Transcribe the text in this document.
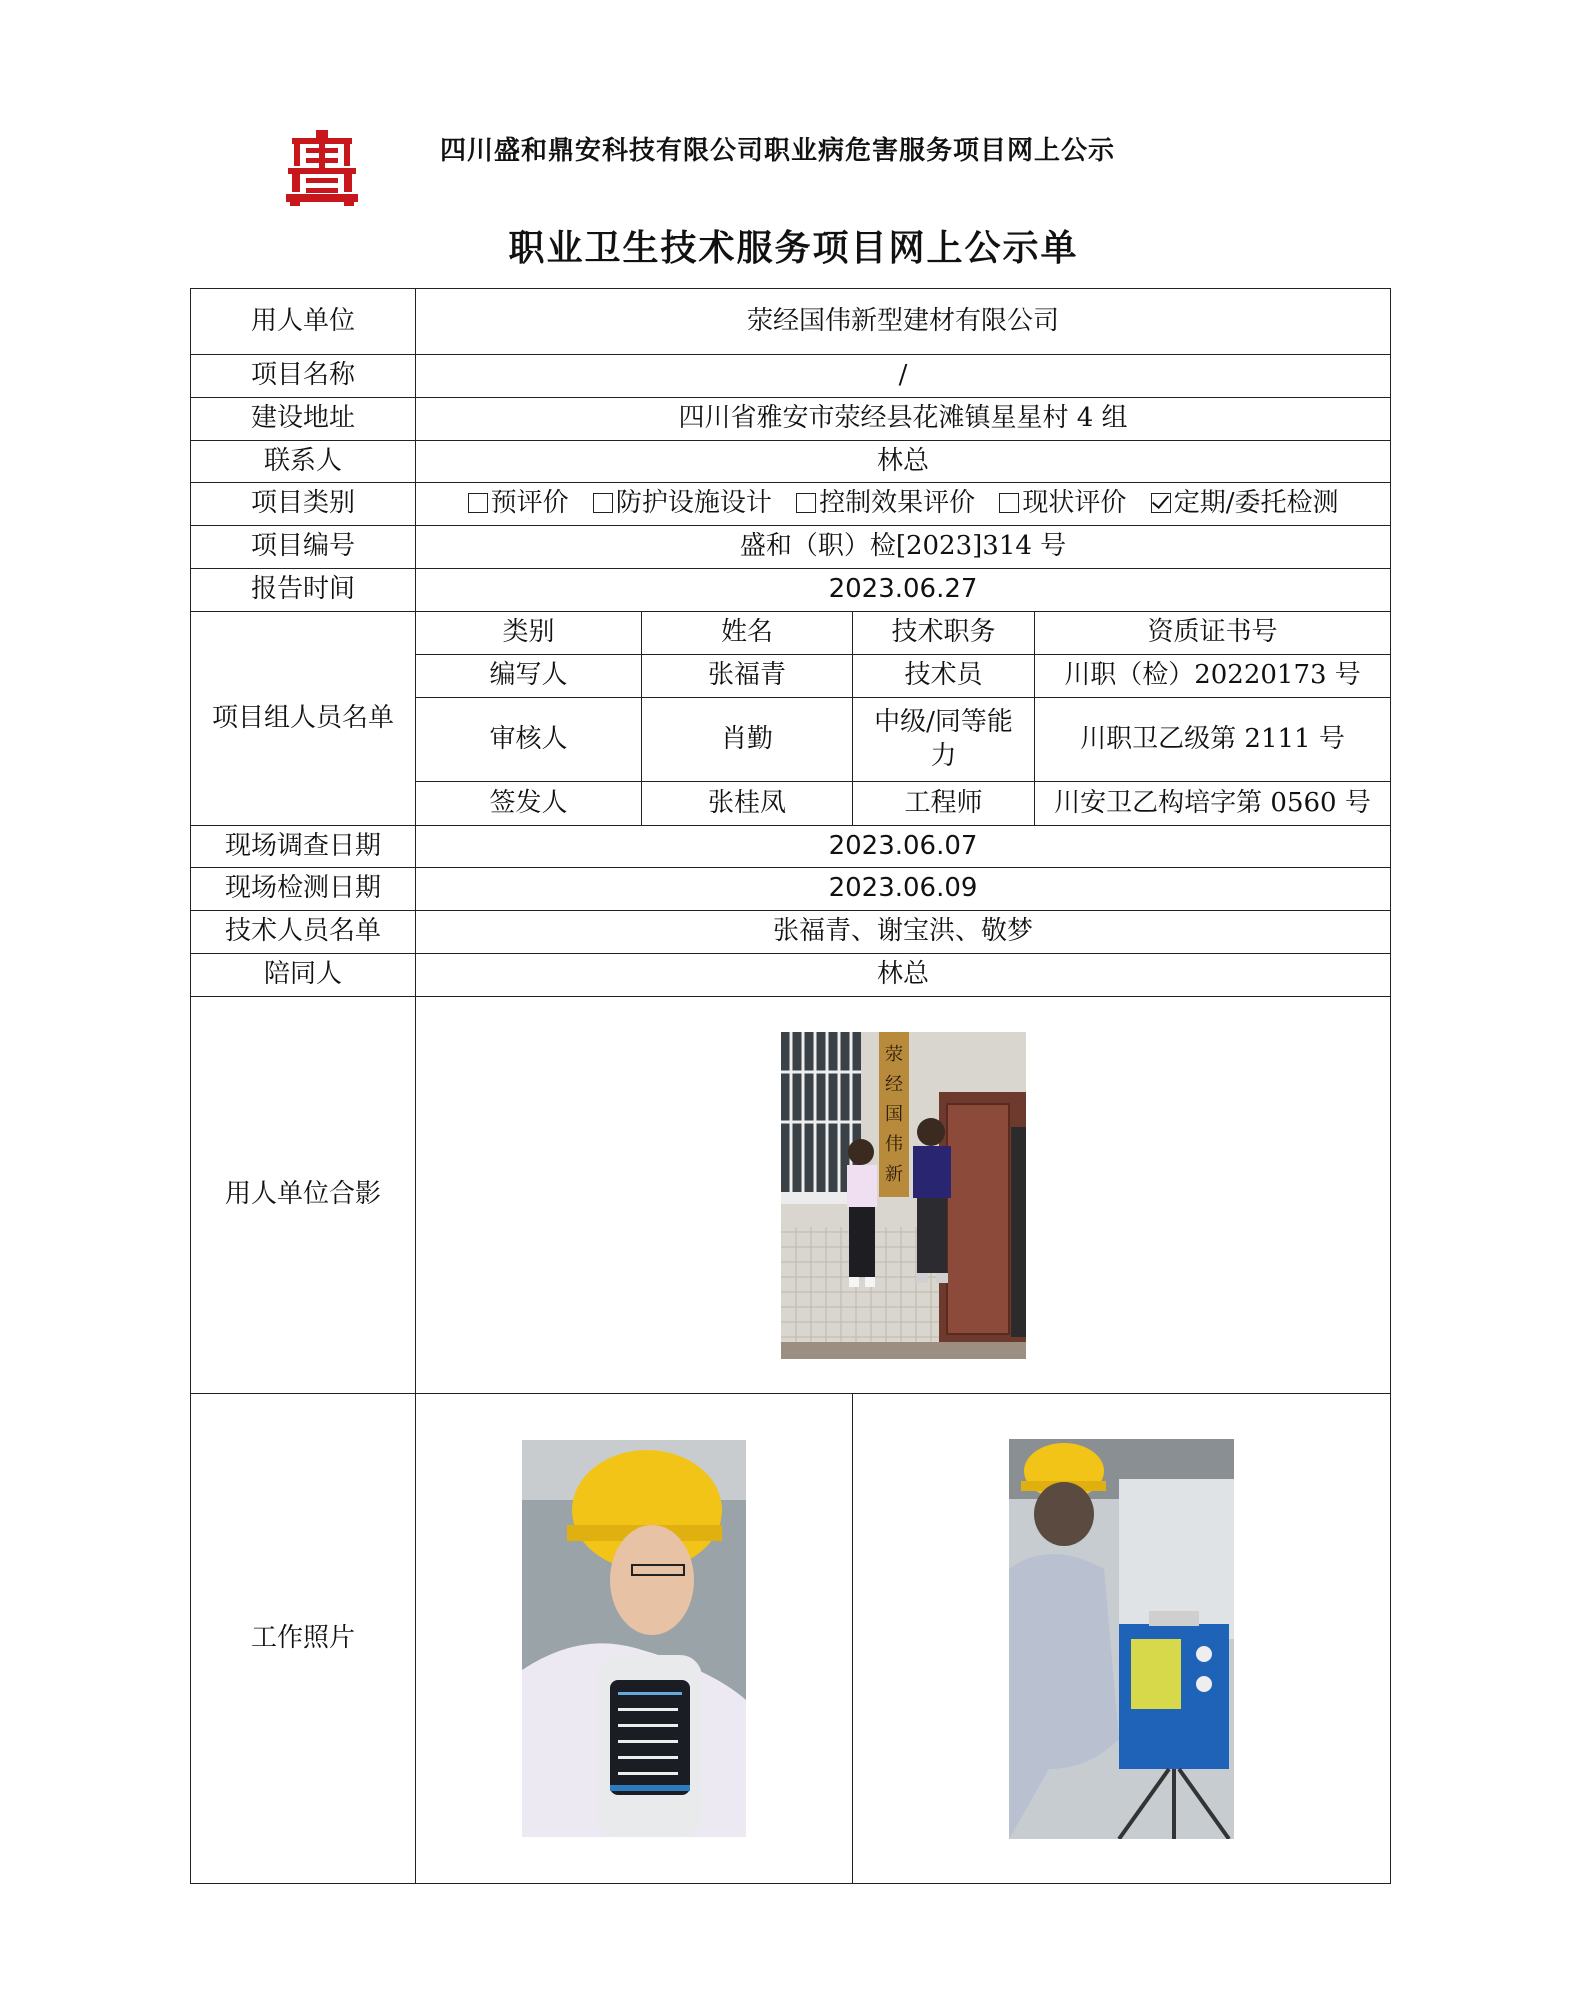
四川盛和鼎安科技有限公司职业病危害服务项目网上公示
职业卫生技术服务项目网上公示单
用人单位	荥经国伟新型建材有限公司			
项目名称	/			
建设地址	四川省雅安市荥经县花滩镇星星村 4 组			
联系人	林总			
项目类别	预评价 防护设施设计 控制效果评价 现状评价 定期/委托检测			
项目编号	盛和（职）检[2023]314 号			
报告时间	2023.06.27			
项目组人员名单	类别	姓名	技术职务	资质证书号
	编写人	张福青	技术员	川职（检）20220173 号
	审核人	肖勤	中级/同等能力	川职卫乙级第 2111 号
	签发人	张桂凤	工程师	川安卫乙构培字第 0560 号
现场调查日期	2023.06.07			
现场检测日期	2023.06.09			
技术人员名单	张福青、谢宝洪、敬梦			
陪同人	林总			
用人单位合影	荥经国伟新			

工作照片	
